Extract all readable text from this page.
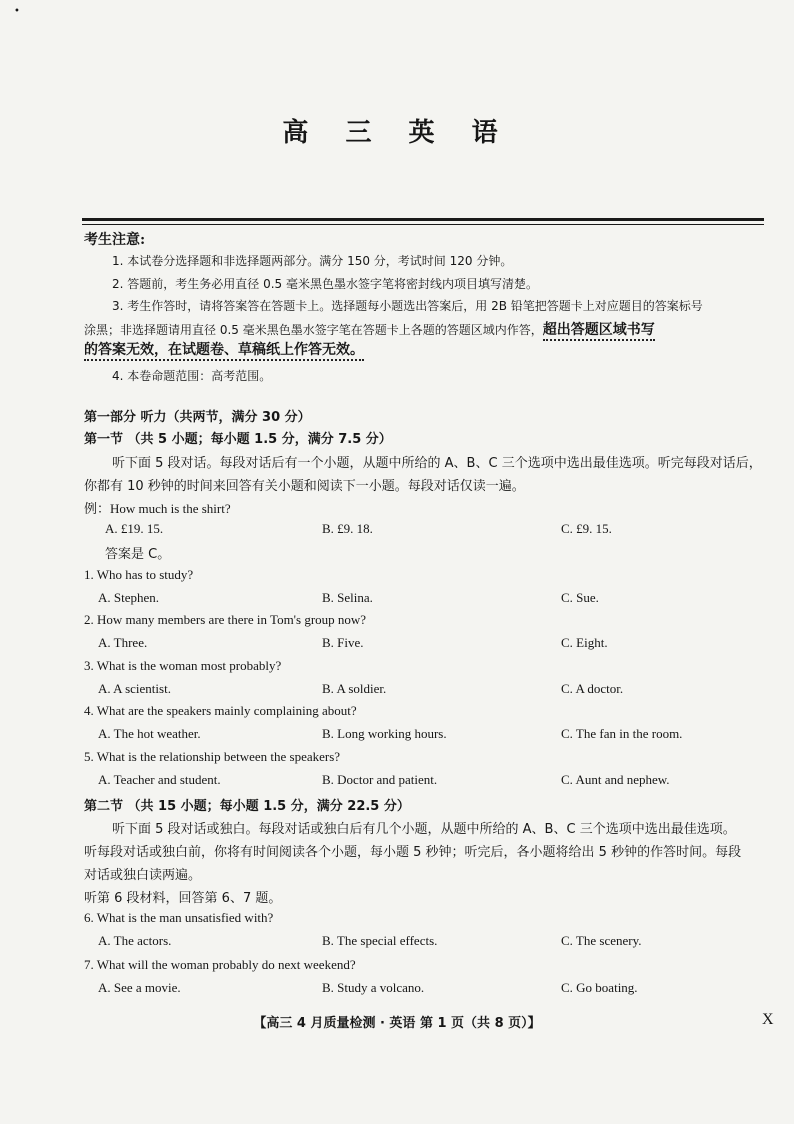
•
高 三 英 语
考生注意:
1. 本试卷分选择题和非选择题两部分。满分 150 分，考试时间 120 分钟。
2. 答题前，考生务必用直径 0.5 毫米黑色墨水签字笔将密封线内项目填写清楚。
3. 考生作答时，请将答案答在答题卡上。选择题每小题选出答案后，用 2B 铅笔把答题卡上对应题目的答案标号
涂黑；非选择题请用直径 0.5 毫米黑色墨水签字笔在答题卡上各题的答题区域内作答，超出答题区域书写
的答案无效，在试题卷、草稿纸上作答无效。
4. 本卷命题范围：高考范围。
第一部分 听力（共两节，满分 30 分）
第一节 （共 5 小题；每小题 1.5 分，满分 7.5 分）
听下面 5 段对话。每段对话后有一个小题，从题中所给的 A、B、C 三个选项中选出最佳选项。听完每段对话后，
你都有 10 秒钟的时间来回答有关小题和阅读下一小题。每段对话仅读一遍。
例：How much is the shirt?
A. £19. 15.	B. £9. 18.	C. £9. 15.
答案是 C。
1. Who has to study?
A. Stephen.	B. Selina.	C. Sue.
2. How many members are there in Tom's group now?
A. Three.	B. Five.	C. Eight.
3. What is the woman most probably?
A. A scientist.	B. A soldier.	C. A doctor.
4. What are the speakers mainly complaining about?
A. The hot weather.	B. Long working hours.	C. The fan in the room.
5. What is the relationship between the speakers?
A. Teacher and student.	B. Doctor and patient.	C. Aunt and nephew.
第二节 （共 15 小题；每小题 1.5 分，满分 22.5 分）
听下面 5 段对话或独白。每段对话或独白后有几个小题，从题中所给的 A、B、C 三个选项中选出最佳选项。
听每段对话或独白前，你将有时间阅读各个小题，每小题 5 秒钟；听完后，各小题将给出 5 秒钟的作答时间。每段
对话或独白读两遍。
听第 6 段材料，回答第 6、7 题。
6. What is the man unsatisfied with?
A. The actors.	B. The special effects.	C. The scenery.
7. What will the woman probably do next weekend?
A. See a movie.	B. Study a volcano.	C. Go boating.
【高三 4 月质量检测 · 英语 第 1 页（共 8 页）】	X
